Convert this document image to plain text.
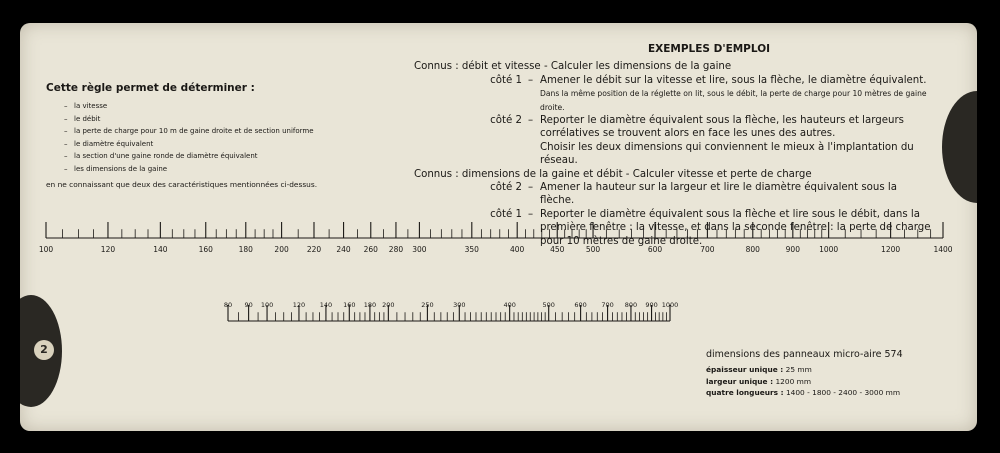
2
Cette règle permet de déterminer :
– la vitesse
– le débit
– la perte de charge pour 10 m de gaine droite et de section uniforme
– le diamètre équivalent
– la section d'une gaine ronde de diamètre équivalent
– les dimensions de la gaine
en ne connaissant que deux des caractéristiques mentionnées ci-dessus.
EXEMPLES D'EMPLOI
Connus : débit et vitesse - Calculer les dimensions de la gaine
côté 1 – Amener le débit sur la vitesse et lire, sous la flèche, le diamètre équivalent.
Dans la même position de la réglette on lit, sous le débit, la perte de charge pour 10 mètres de gaine droite.
côté 2 – Reporter le diamètre équivalent sous la flèche, les hauteurs et largeurs corrélatives se trouvent alors en face les unes des autres.
Choisir les deux dimensions qui conviennent le mieux à l'implantation du réseau.
Connus : dimensions de la gaine et débit - Calculer vitesse et perte de charge
côté 2 – Amener la hauteur sur la largeur et lire le diamètre équivalent sous la flèche.
côté 1 – Reporter le diamètre équivalent sous la flèche et lire sous le débit, dans la première fenêtre : la vitesse, et dans la seconde fenêtre : la perte de charge pour 10 mètres de gaine droite.
100	120	140	160	180	200 220 240 260 280 300	350	400	450	500	600	700	800	900	1000	1200	1400
80 90 100	120 140 160 180 200	250	300	400	500	600 700 800 900 1000
dimensions des panneaux micro-aire 574
épaisseur unique : 25 mm
largeur unique : 1200 mm
quatre longueurs : 1400 - 1800 - 2400 - 3000 mm
